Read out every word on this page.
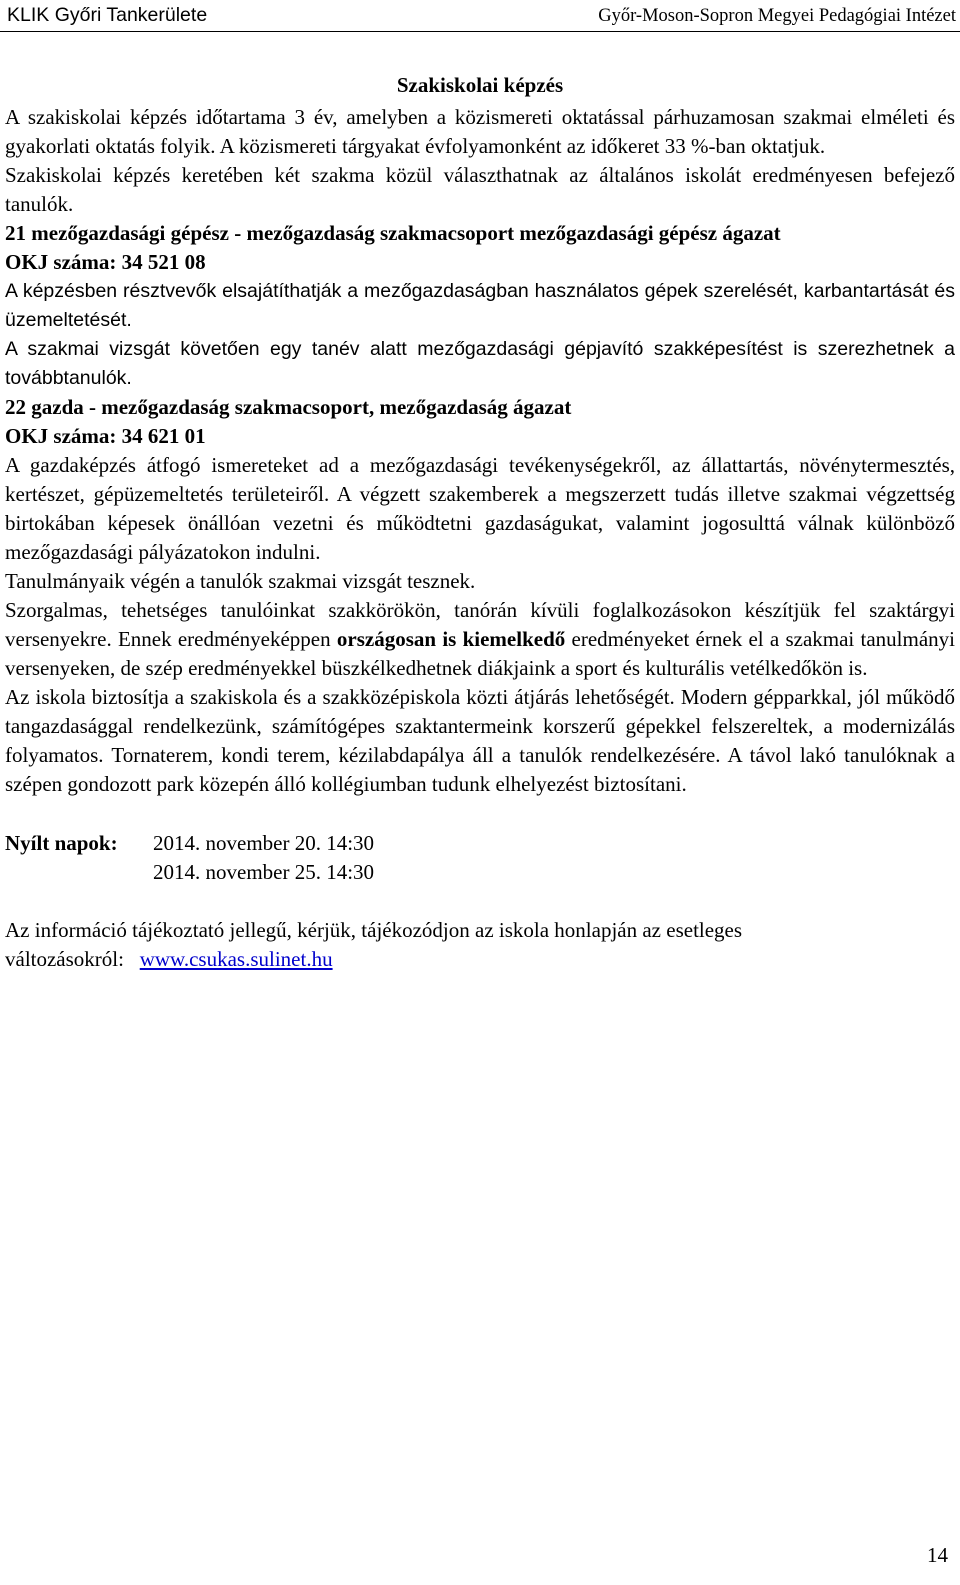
KLIK Győri Tankerülete	Győr-Moson-Sopron Megyei Pedagógiai Intézet
Szakiskolai képzés

A szakiskolai képzés időtartama 3 év, amelyben a közismereti oktatással párhuzamosan szakmai elméleti és gyakorlati oktatás folyik. A közismereti tárgyakat évfolyamonként az időkeret 33 %-ban oktatjuk.

Szakiskolai képzés keretében két szakma közül választhatnak az általános iskolát eredményesen befejező tanulók.

21 mezőgazdasági gépész - mezőgazdaság szakmacsoport mezőgazdasági gépész ágazat

OKJ száma: 34 521 08

A képzésben résztvevők elsajátíthatják a mezőgazdaságban használatos gépek szerelését, karbantartását és üzemeltetését.

A szakmai vizsgát követően egy tanév alatt mezőgazdasági gépjavító szakképesítést is szerezhetnek a továbbtanulók.

22 gazda - mezőgazdaság szakmacsoport, mezőgazdaság ágazat

OKJ száma: 34 621 01

A gazdaképzés átfogó ismereteket ad a mezőgazdasági tevékenységekről, az állattartás, növénytermesztés, kertészet, gépüzemeltetés területeiről. A végzett szakemberek a megszerzett tudás illetve szakmai végzettség birtokában képesek önállóan vezetni és működtetni gazdaságukat, valamint jogosulttá válnak különböző mezőgazdasági pályázatokon indulni.

Tanulmányaik végén a tanulók szakmai vizsgát tesznek.

Szorgalmas, tehetséges tanulóinkat szakkörökön, tanórán kívüli foglalkozásokon készítjük fel szaktárgyi versenyekre. Ennek eredményeképpen országosan is kiemelkedő eredményeket érnek el a szakmai tanulmányi versenyeken, de szép eredményekkel büszkélkedhetnek diákjaink a sport és kulturális vetélkedőkön is.

Az iskola biztosítja a szakiskola és a szakközépiskola közti átjárás lehetőségét. Modern gépparkkal, jól működő tangazdasággal rendelkezünk, számítógépes szaktantermeink korszerű gépekkel felszereltek, a modernizálás folyamatos. Tornaterem, kondi terem, kézilabdapálya áll a tanulók rendelkezésére. A távol lakó tanulóknak a szépen gondozott park közepén álló kollégiumban tudunk elhelyezést biztosítani.

Nyílt napok:	2014. november 20. 14:30
2014. november 25. 14:30
Az információ tájékoztató jellegű, kérjük, tájékozódjon az iskola honlapján az esetleges
változásokról: www.csukas.sulinet.hu
14
